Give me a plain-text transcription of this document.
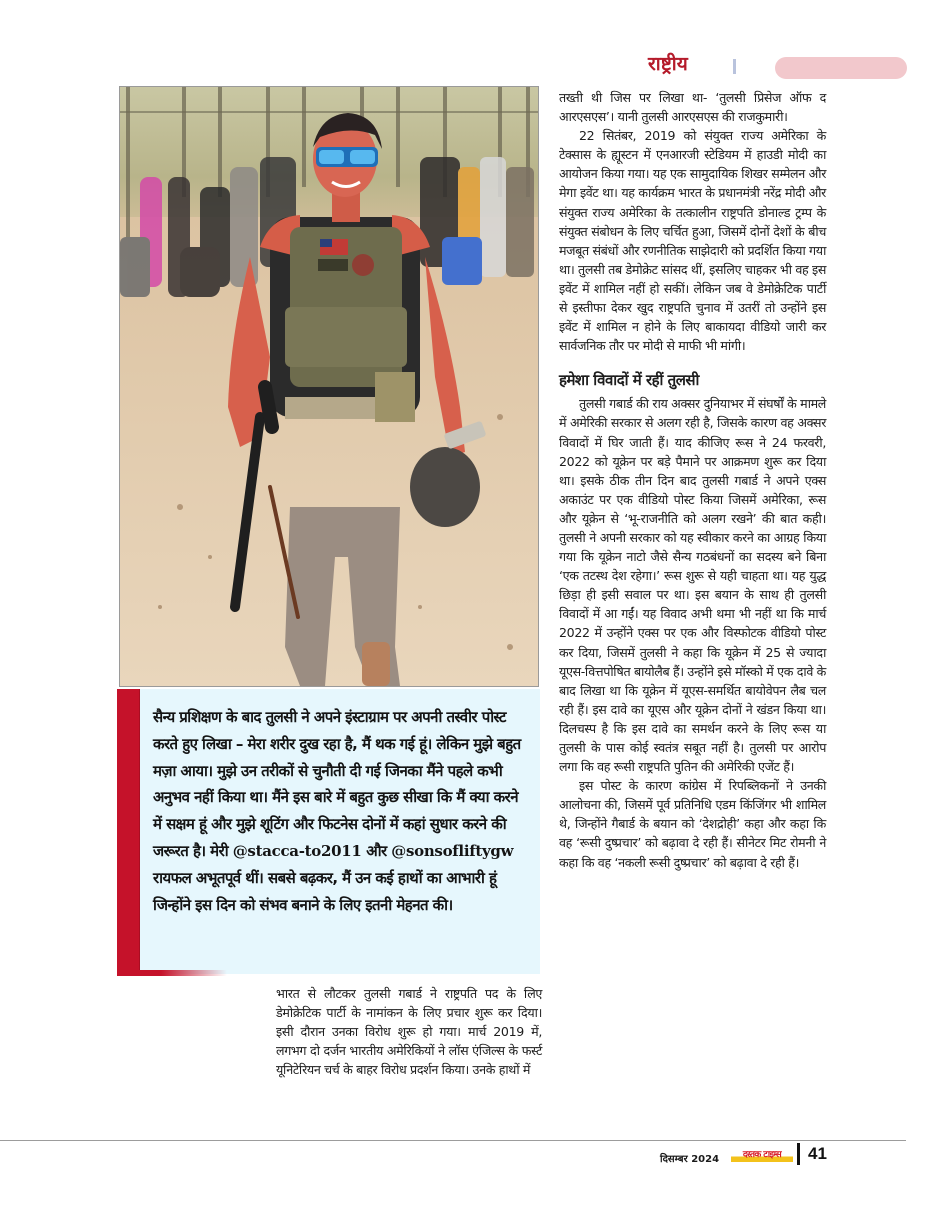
राष्ट्रीय
सैन्य प्रशिक्षण के बाद तुलसी ने अपने इंस्टाग्राम पर अपनी तस्वीर पोस्ट करते हुए लिखा – मेरा शरीर दुख रहा है, मैं थक गई हूं। लेकिन मुझे बहुत मज़ा आया। मुझे उन तरीकों से चुनौती दी गई जिनका मैंने पहले कभी अनुभव नहीं किया था। मैंने इस बारे में बहुत कुछ सीखा कि मैं क्या करने में सक्षम हूं और मुझे शूटिंग और फिटनेस दोनों में कहां सुधार करने की जरूरत है। मेरी @stacca-to2011 और @sonsofliftygw रायफल अभूतपूर्व थीं। सबसे बढ़कर, मैं उन कई हाथों का आभारी हूं जिन्होंने इस दिन को संभव बनाने के लिए इतनी मेहनत की।

तख्ती थी जिस पर लिखा था- ‘तुलसी प्रिसेज ऑफ द आरएसएस’। यानी तुलसी आरएसएस की राजकुमारी।

22 सितंबर, 2019 को संयुक्त राज्य अमेरिका के टेक्सास के ह्यूस्टन में एनआरजी स्टेडियम में हाउडी मोदी का आयोजन किया गया। यह एक सामुदायिक शिखर सम्मेलन और मेगा इवेंट था। यह कार्यक्रम भारत के प्रधानमंत्री नरेंद्र मोदी और संयुक्त राज्य अमेरिका के तत्कालीन राष्ट्रपति डोनाल्ड ट्रम्प के संयुक्त संबोधन के लिए चर्चित हुआ, जिसमें दोनों देशों के बीच मजबूत संबंधों और रणनीतिक साझेदारी को प्रदर्शित किया गया था। तुलसी तब डेमोक्रेट सांसद थीं, इसलिए चाहकर भी वह इस इवेंट में शामिल नहीं हो सकीं। लेकिन जब वे डेमोक्रेटिक पार्टी से इस्तीफा देकर खुद राष्ट्रपति चुनाव में उतरीं तो उन्होंने इस इवेंट में शामिल न होने के लिए बाकायदा वीडियो जारी कर सार्वजनिक तौर पर मोदी से माफी भी मांगी।

हमेशा विवादों में रहीं तुलसी

तुलसी गबार्ड की राय अक्सर दुनियाभर में संघर्षों के मामले में अमेरिकी सरकार से अलग रही है, जिसके कारण वह अक्सर विवादों में घिर जाती हैं। याद कीजिए रूस ने 24 फरवरी, 2022 को यूक्रेन पर बड़े पैमाने पर आक्रमण शुरू कर दिया था। इसके ठीक तीन दिन बाद तुलसी गबार्ड ने अपने एक्स अकाउंट पर एक वीडियो पोस्ट किया जिसमें अमेरिका, रूस और यूक्रेन से ‘भू-राजनीति को अलग रखने’ की बात कही। तुलसी ने अपनी सरकार को यह स्वीकार करने का आग्रह किया गया कि यूक्रेन नाटो जैसे सैन्य गठबंधनों का सदस्य बने बिना ‘एक तटस्थ देश रहेगा।’ रूस शुरू से यही चाहता था। यह युद्ध छिड़ा ही इसी सवाल पर था। इस बयान के साथ ही तुलसी विवादों में आ गईं। यह विवाद अभी थमा भी नहीं था कि मार्च 2022 में उन्होंने एक्स पर एक और विस्फोटक वीडियो पोस्ट कर दिया, जिसमें तुलसी ने कहा कि यूक्रेन में 25 से ज्यादा यूएस-वित्तपोषित बायोलैब हैं। उन्होंने इसे मॉस्को में एक दावे के बाद लिखा था कि यूक्रेन में यूएस-समर्थित बायोवेपन लैब चल रही हैं। इस दावे का यूएस और यूक्रेन दोनों ने खंडन किया था। दिलचस्प है कि इस दावे का समर्थन करने के लिए रूस या तुलसी के पास कोई स्वतंत्र सबूत नहीं है। तुलसी पर आरोप लगा कि वह रूसी राष्ट्रपति पुतिन की अमेरिकी एजेंट हैं।

इस पोस्ट के कारण कांग्रेस में रिपब्लिकनों ने उनकी आलोचना की, जिसमें पूर्व प्रतिनिधि एडम किंजिंगर भी शामिल थे, जिन्होंने गैबार्ड के बयान को ‘देशद्रोही’ कहा और कहा कि वह ‘रूसी दुष्प्रचार’ को बढ़ावा दे रही हैं। सीनेटर मिट रोमनी ने कहा कि वह ‘नकली रूसी दुष्प्रचार’ को बढ़ावा दे रही हैं।

भारत से लौटकर तुलसी गबार्ड ने राष्ट्रपति पद के लिए डेमोक्रेटिक पार्टी के नामांकन के लिए प्रचार शुरू कर दिया। इसी दौरान उनका विरोध शुरू हो गया। मार्च 2019 में, लगभग दो दर्जन भारतीय अमेरिकियों ने लॉस एंजिल्स के फर्स्ट यूनिटेरियन चर्च के बाहर विरोध प्रदर्शन किया। उनके हाथों में

दिसम्बर 2024	दस्तक टाइम्स	41
